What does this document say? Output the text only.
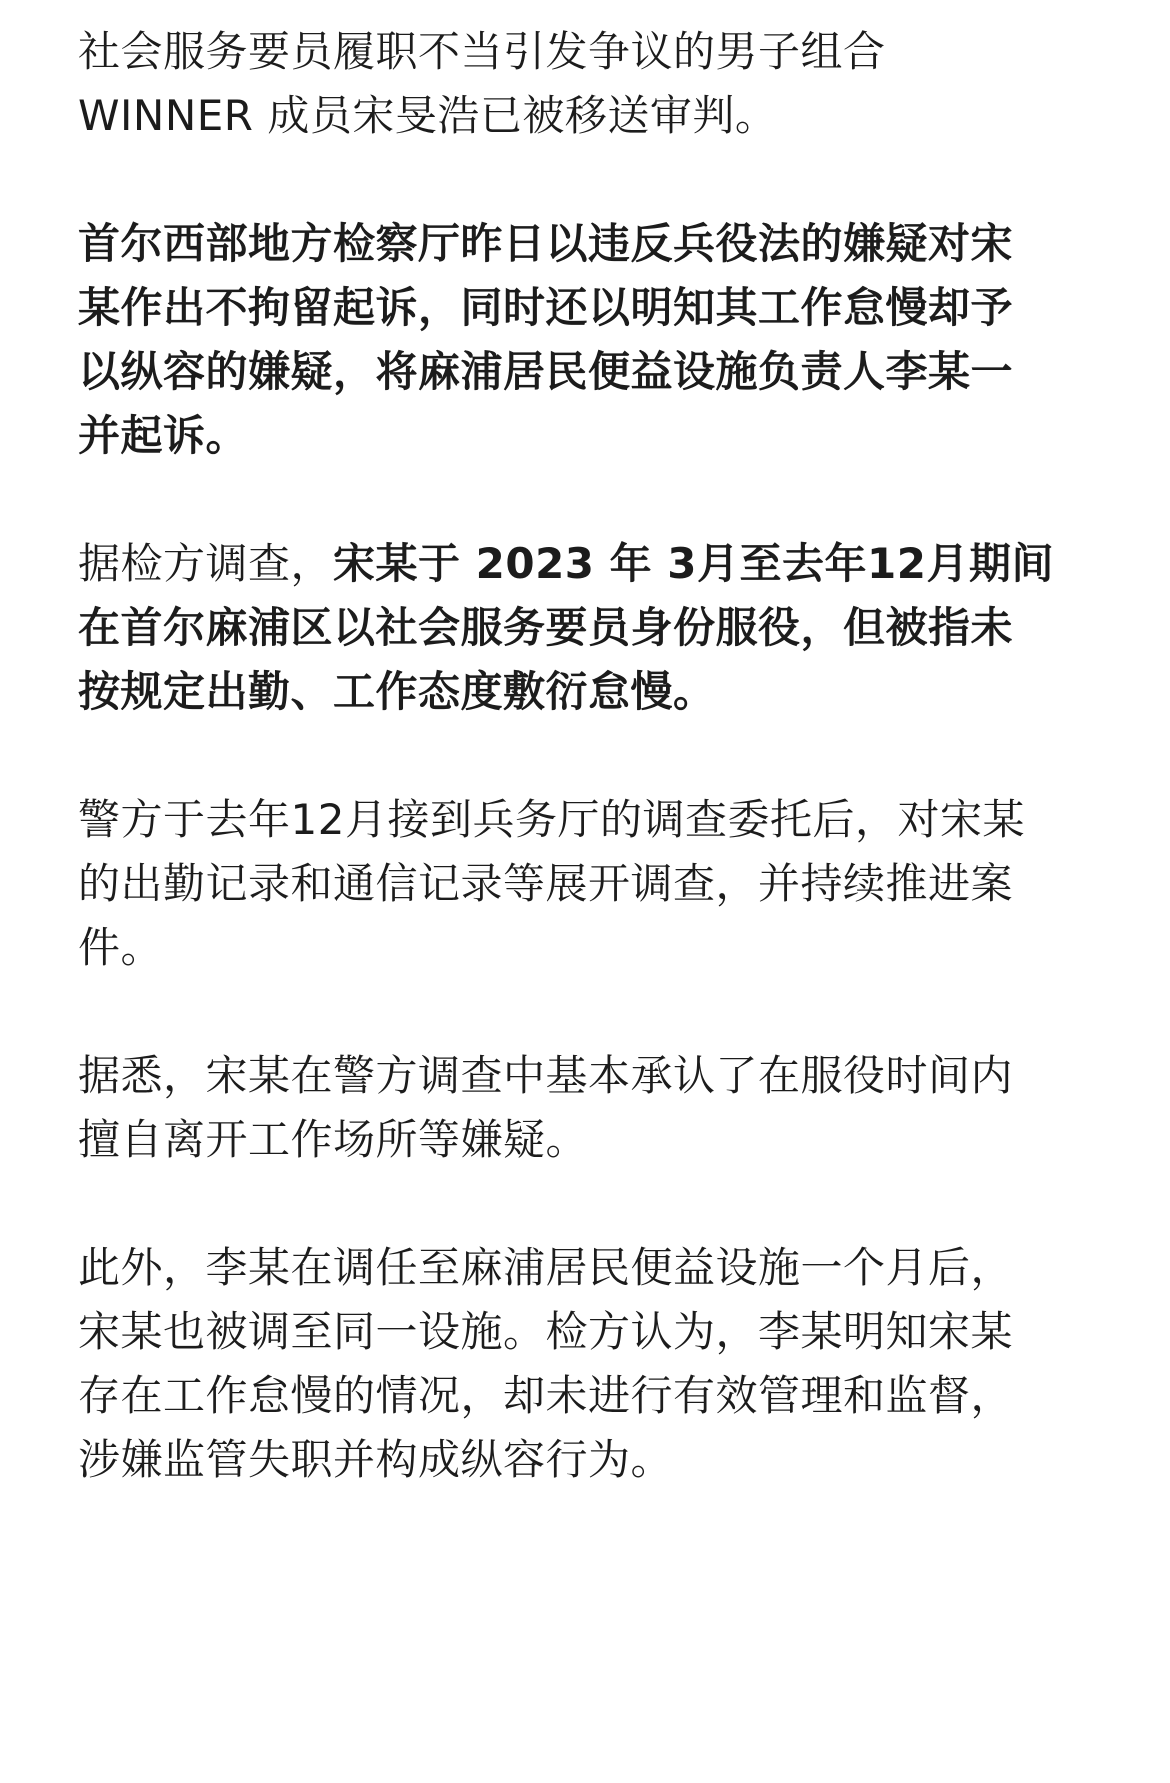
社会服务要员履职不当引发争议的男子组合
WINNER 成员宋旻浩已被移送审判。
首尔西部地方检察厅昨日以违反兵役法的嫌疑对宋
某作出不拘留起诉，同时还以明知其工作怠慢却予
以纵容的嫌疑，将麻浦居民便益设施负责人李某一
并起诉。
据检方调查，宋某于 2023 年 3月至去年12月期间
在首尔麻浦区以社会服务要员身份服役，但被指未
按规定出勤、工作态度敷衍怠慢。
警方于去年12月接到兵务厅的调查委托后，对宋某
的出勤记录和通信记录等展开调查，并持续推进案
件。
据悉，宋某在警方调查中基本承认了在服役时间内
擅自离开工作场所等嫌疑。
此外，李某在调任至麻浦居民便益设施一个月后，
宋某也被调至同一设施。检方认为，李某明知宋某
存在工作怠慢的情况，却未进行有效管理和监督，
涉嫌监管失职并构成纵容行为。
